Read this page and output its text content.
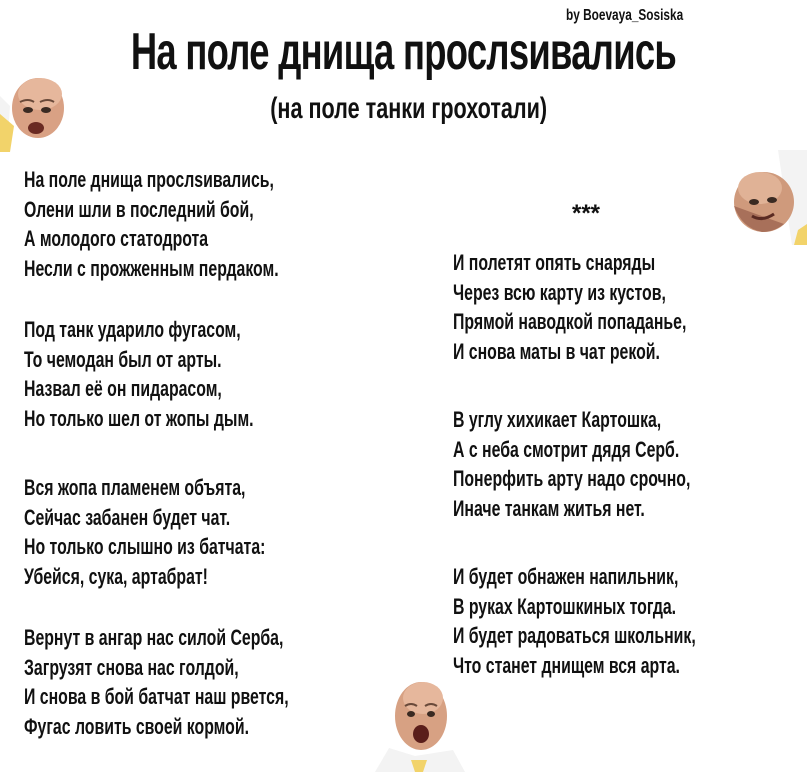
by Boevaya_Sosiska
На поле днища прослsивались
(на поле танки грохотали)
На поле днища прослsивались,
Олени шли в последний бой,
А молодого статодрота
Несли с прожженным пердаком.
Под танк ударило фугасом,
То чемодан был от арты.
Назвал её он пидарасом,
Но только шел от жопы дым.
Вся жопа пламенем объята,
Сейчас забанен будет чат.
Но только слышно из батчата:
Убейся, сука, артабрат!
Вернут в ангар нас силой Серба,
Загрузят снова нас голдой,
И снова в бой батчат наш рвется,
Фугас ловить своей кормой.
***
И полетят опять снаряды
Через всю карту из кустов,
Прямой наводкой попаданье,
И снова маты в чат рекой.
В углу хихикает Картошка,
А с неба смотрит дядя Серб.
Понерфить арту надо срочно,
Иначе танкам житья нет.
И будет обнажен напильник,
В руках Картошкиных тогда.
И будет радоваться школьник,
Что станет днищем вся арта.
